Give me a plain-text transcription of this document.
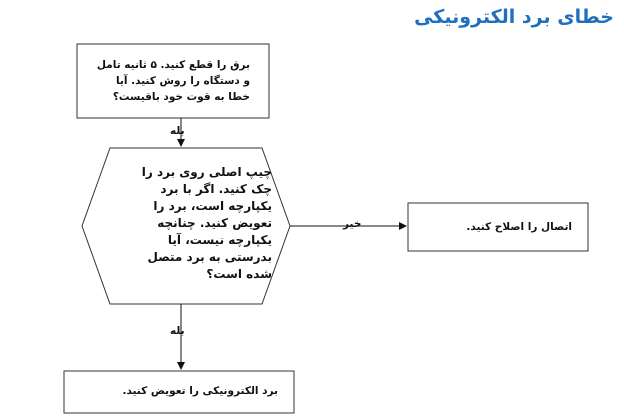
خطای برد الکترونیکی
برق را قطع کنید. ۵ ثانیه تامل و دستگاه را روش کنید. آیا خطا به قوت خود باقیست؟
چیپ اصلی روی برد را چک کنید. اگر با برد یکپارچه است، برد را تعویض کنید. چنانچه یکپارچه نیست، آیا بدرستی به برد متصل شده است؟
اتصال را اصلاح کنید.
برد الکترونیکی را تعویض کنید.
بله
خیر
بله
